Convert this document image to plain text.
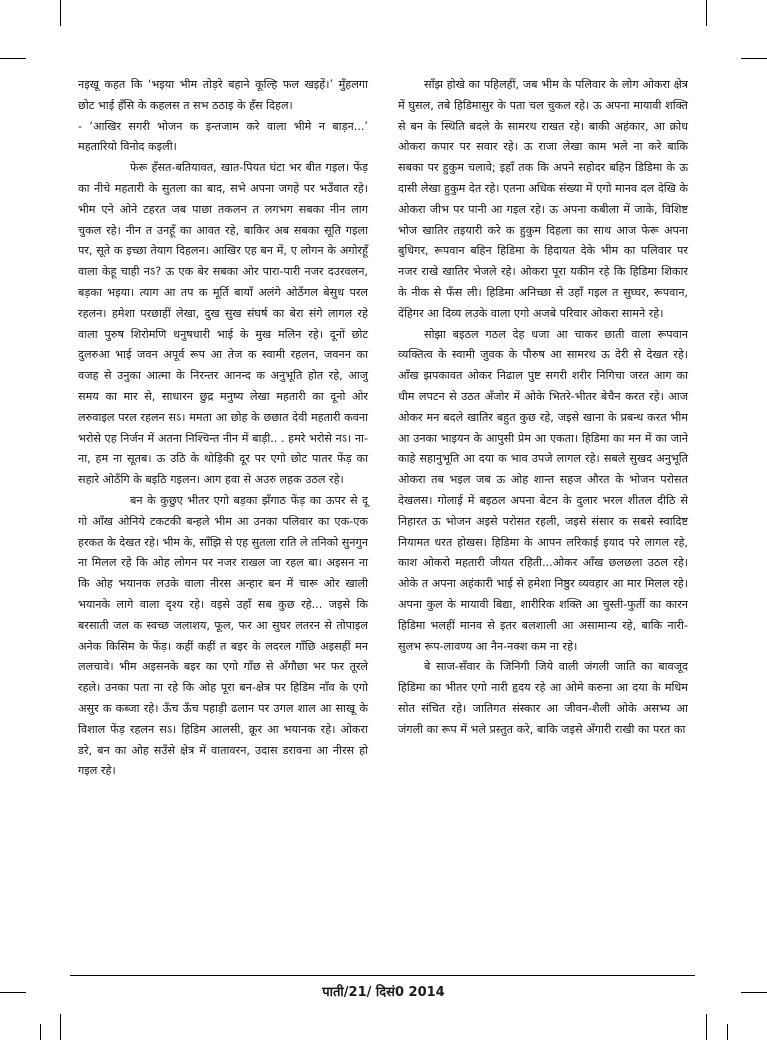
नइखू कहत कि ‘भइया भीम तोड़रे बहाने कूल्हि फल खइहें।’ मुँहलगा छोट भाई हँसि के कहलस त सभ ठठाइ के हँस दिहल।

- ‘आखिर सगरी भोजन क इन्तजाम करे वाला भीमे न बाड़न...’ महतारियो विनोद कइली।

फेरू हँसत-बतियावत, खात-पियत घंटा भर बीत गइल। फेंड़ का नीचे महतारी के सुतला का बाद, सभे अपना जगहे पर भउँवात रहे। भीम एने ओने टहरत जब पाछा तकलन त लगभग सबका नीन लाग चुकल रहे। नीन त उनहूँ का आवत रहे, बाकिर अब सबका सूति गइला पर, सूते क इच्छा तेयाग दिहलन। आखिर एह बन में, ए लोगन के अगोरहूँ वाला केहू चाही नऽ? ऊ एक बेर सबका ओर पारा-पारी नजर दउरवलन, बड़का भइया। त्याग आ तप क मूर्ति बायाँ अलंगे ओठँगल बेसुध परल रहलन। हमेशा परछाहीं लेखा, दुख सुख संघर्ष का बेरा संगे लागल रहे वाला पुरुष शिरोमणि धनुषधारी भाई के मुख मलिन रहे। दूनों छोट दुलरुआ भाई जवन अपूर्व रूप आ तेज क स्वामी रहलन, जवनन का वजह से उनुका आत्मा के निरन्तर आनन्द क अनुभूति होत रहे, आजु समय का मार से, साधारन छुद्र मनुष्य लेखा महतारी का दूनो ओर लरुवाइल परल रहलन सऽ। ममता आ छोह के छछात देवी महतारी कवना भरोसे एह निर्जन में अतना निश्चिन्त नीन में बाड़ी.. . हमरे भरोसे नऽ। ना-ना, हम ना सूतब। ऊ उठि के थोड़िकी दूर पर एगो छोट पातर फेंड़ का सहारे ओठँगि के बइठि गइलन। आग हवा से अउरु लहक उठल रहे।

बन के कुछुए भीतर एगो बड़का झँगाठ फेंड़ का ऊपर से दू गो आँख ओनिये टकटकी बन्हले भीम आ उनका पलिवार का एक-एक हरकत के देखत रहे। भीम के, साँझि से एह सुतला राति ले तनिको सुनगुन ना मिलल रहे कि ओह लोगन पर नजर राखल जा रहल बा। अइसन ना कि ओह भयानक लउके वाला नीरस अन्हार बन में चारू ओर खाली भयानके लागे वाला दृश्य रहे। वइसे उहाँ सब कुछ रहे... जइसे कि बरसाती जल क स्वच्छ जलाशय, फूल, फर आ सुघर लतरन से तोपाइल अनेक किसिम के फेंड़। कहीं कहीं त बइर के लदरल गाँछि अइसहीं मन ललचावे। भीम अइसनके बइर का एगो गाँछ से अँगौछा भर फर तूरले रहले। उनका पता ना रहे कि ओह पूरा बन-क्षेत्र पर हिडिम नाँव के एगो असुर क कब्जा रहे। ऊँच ऊँच पहाड़ी ढलान पर उगल शाल आ साखू के विशाल फेंड़ रहलन सऽ। हिडिम आलसी, क्रूर आ भयानक रहे। ओकरा डरे, बन का ओह सउँसे क्षेत्र में वातावरन, उदास डरावना आ नीरस हो गइल रहे।

साँझ होखे का पहिलहीं, जब भीम के पलिवार के लोग ओकरा क्षेत्र में घुसल, तबे हिडिमासुर के पता चल चुकल रहे। ऊ अपना मायावी शक्ति से बन के स्थिति बदले के सामरथ राखत रहे। बाकी अहंकार, आ क्रोध ओकरा कपार पर सवार रहे। ऊ राजा लेखा काम भले ना करे बाकि सबका पर हुकुम चलावे; इहाँ तक कि अपने सहोदर बहिन डिडिमा के ऊ दासी लेखा हुकुम देत रहे। एतना अधिक संख्या में एगो मानव दल देखि के ओकरा जीभ पर पानी आ गइल रहे। ऊ अपना कबीला में जाके, विशिष्ट भोज खातिर तइयारी करे क हुकुम दिहला का साथ आज फेरू अपना बुधिगर, रूपवान बहिन हिडिमा के हिदायत देके भीम का पलिवार पर नजर राखे खातिर भेजले रहे। ओकरा पूरा यकीन रहे कि हिडिमा शिकार के नीक से फँस ली। हिडिमा अनिच्छा से उहाँ गइल त सुघ्घर, रूपवान, देंहिगर आ दिव्य लउके वाला एगो अजबे परिवार ओकरा सामने रहे।

सोझा बइठल गठल देह धजा आ चाकर छाती वाला रूपवान व्यक्तित्व के स्वामी जुवक के पौरुष आ सामरथ ऊ देरी से देखत रहे। आँख झपकावत ओकर निढाल पुष्ट सगरी शरीर निगिचा जरत आग का धीम लपटन से उठत अँजोर में ओके भितरे-भीतर बेचैन करत रहे। आज ओकर मन बदले खातिर बहुत कुछ रहे, जइसे खाना के प्रबन्ध करत भीम आ उनका भाइयन के आपुसी प्रेम आ एकता। हिडिमा का मन में का जाने काहे सहानुभूति आ दया क भाव उपजे लागल रहे। सबले सुखद अनुभूति ओकरा तब भइल जब ऊ ओह शान्त सहज औरत के भोजन परोसत देखलस। गोलाई में बइठल अपना बेटन के दुलार भरल शीतल दीठि से निहारत ऊ भोजन अइसे परोसत रहली, जइसे संसार क सबसे स्वादिष्ट नियामत धरत होखस। हिडिमा के आपन लरिकाई इयाद परे लागल रहे, काश ओकरो महतारी जीयत रहिती...ओकर आँख छलछला उठल रहे। ओके त अपना अहंकारी भाई से हमेशा निष्ठुर व्यवहार आ मार मिलल रहे। अपना कुल के मायावी बिद्या, शारीरिक शक्ति आ चुस्ती-फुर्ती का कारन हिडिमा भलहीं मानव से इतर बलशाली आ असामान्य रहे, बाकि नारी-सुलभ रूप-लावण्य आ नैन-नक्श कम ना रहे।

बे साज-सँवार के जिनिगी जिये वाली जंगली जाति का बावजूद हिडिमा का भीतर एगो नारी हृदय रहे आ ओमे करुना आ दया के मधिम सोत संचित रहे। जातिगत संस्कार आ जीवन-शैली ओके असभ्य आ जंगली का रूप में भले प्रस्तुत करे, बाकि जइसे अँगारी राखी का परत का

पाती/21/ दिसं0 2014
